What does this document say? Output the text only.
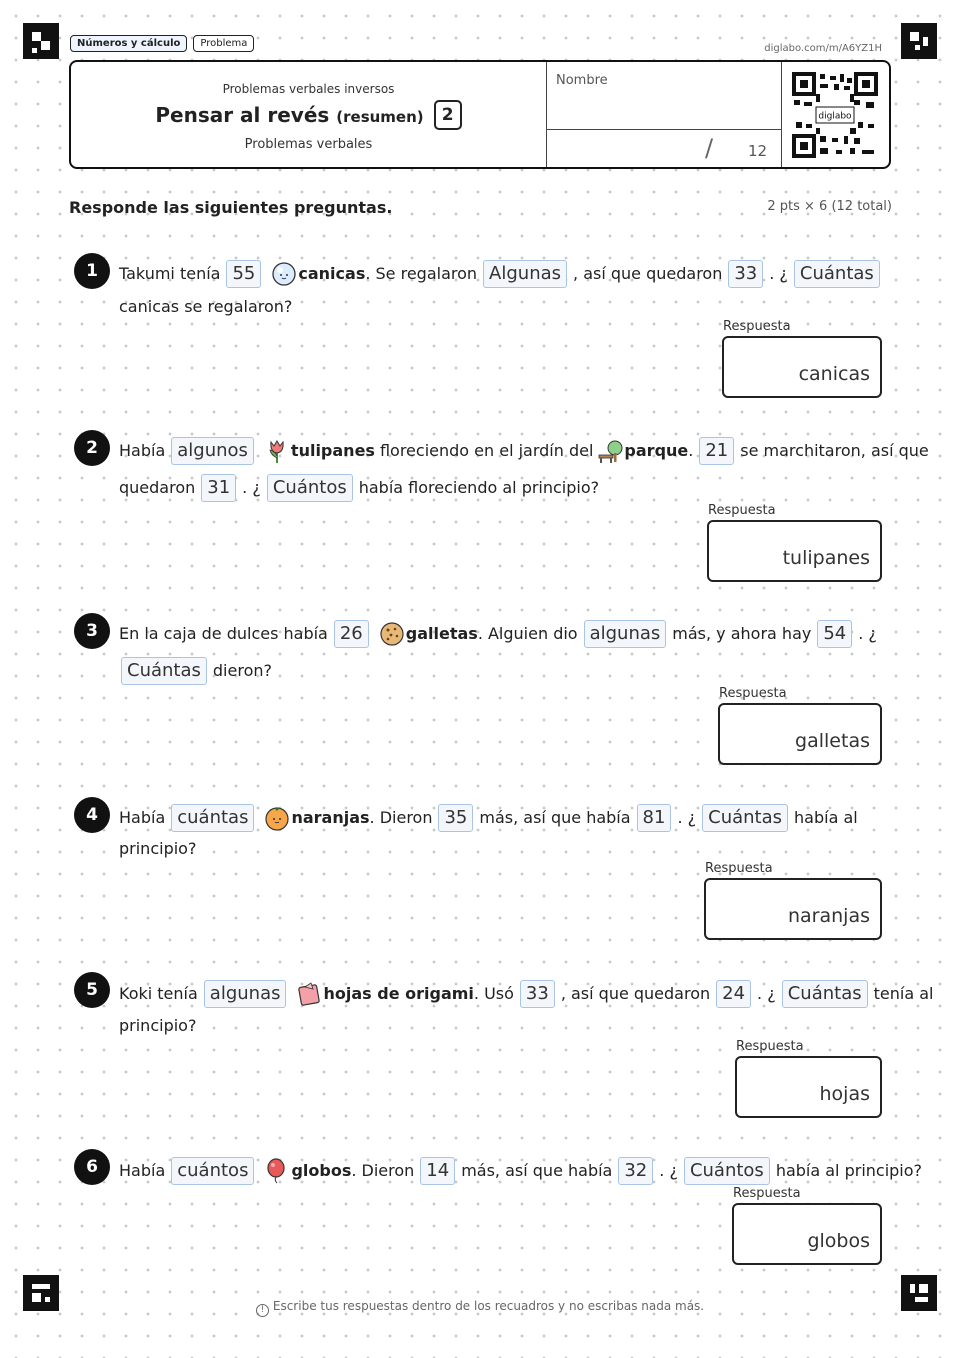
Números y cálculo	Problema	diglabo.com/m/A6YZ1H
Problemas verbales inversos
Pensar al revés (resumen)	2
Problemas verbales
Nombre
/ 12
diglabo
Responde las siguientes preguntas.	2 pts × 6 (12 total)
1	Takumi tenía 55	canicas . Se regalaron Algunas , así que quedaron 33 . ¿ Cuántas
canicas se regalaron?
Respuesta
canicas
2	Había algunos	tulipanes floreciendo en el jardín del parque . 21 se marchitaron, así que
quedaron 31 . ¿ Cuántos había floreciendo al principio?
Respuesta
tulipanes
3	En la caja de dulces había 26	galletas . Alguien dio algunas más, y ahora hay 54 . ¿
Cuántas dieron?
Respuesta
galletas
4	Había cuántas	naranjas . Dieron 35 más, así que había 81 . ¿ Cuántas había al
principio?
Respuesta
naranjas
5	Koki tenía algunas	hojas de origami . Usó 33 , así que quedaron 24 . ¿ Cuántas tenía al
principio?
Respuesta
hojas
6	Había cuántos	globos . Dieron 14 más, así que había 32 . ¿ Cuántos había al principio?
Respuesta
globos
! Escribe tus respuestas dentro de los recuadros y no escribas nada más.
